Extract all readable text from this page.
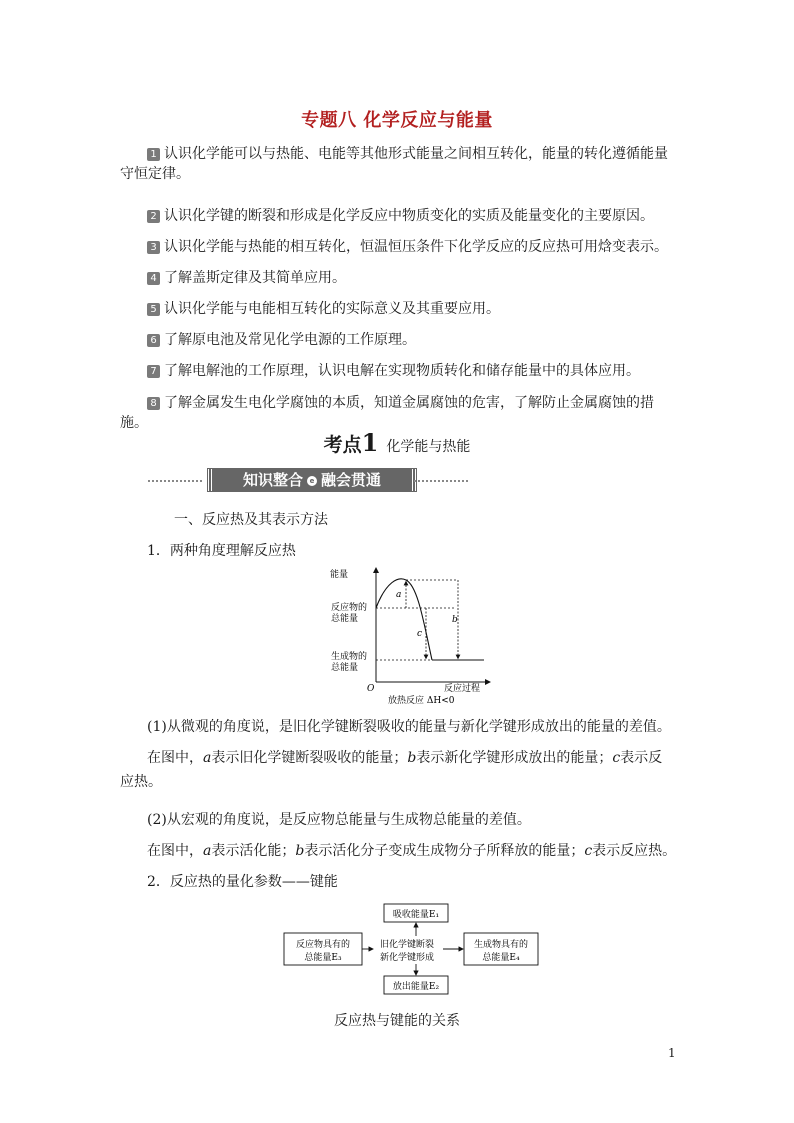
专题八 化学反应与能量
1 认识化学能可以与热能、电能等其他形式能量之间相互转化，能量的转化遵循能量
守恒定律。
2 认识化学键的断裂和形成是化学反应中物质变化的实质及能量变化的主要原因。
3 认识化学能与热能的相互转化，恒温恒压条件下化学反应的反应热可用焓变表示。
4 了解盖斯定律及其简单应用。
5 认识化学能与电能相互转化的实际意义及其重要应用。
6 了解原电池及常见化学电源的工作原理。
7 了解电解池的工作原理，认识电解在实现物质转化和储存能量中的具体应用。
8 了解金属发生电化学腐蚀的本质，知道金属腐蚀的危害，了解防止金属腐蚀的措施。
考点1 化学能与热能
知识整合 e 融会贯通
一、反应热及其表示方法
1．两种角度理解反应热
能量
反应物的
总能量
生成物的
总能量
O	反应过程
a
c
b
放热反应 ΔH<0
(1)从微观的角度说，是旧化学键断裂吸收的能量与新化学键形成放出的能量的差值。
在图中，a表示旧化学键断裂吸收的能量；b表示新化学键形成放出的能量；c表示反
应热。
(2)从宏观的角度说，是反应物总能量与生成物总能量的差值。
在图中，a表示活化能；b表示活化分子变成生成物分子所释放的能量；c表示反应热。
2．反应热的量化参数——键能
吸收能量E₁
反应物具有的
总能量E₃
旧化学键断裂
新化学键形成
生成物具有的
总能量E₄
放出能量E₂
反应热与键能的关系
1
